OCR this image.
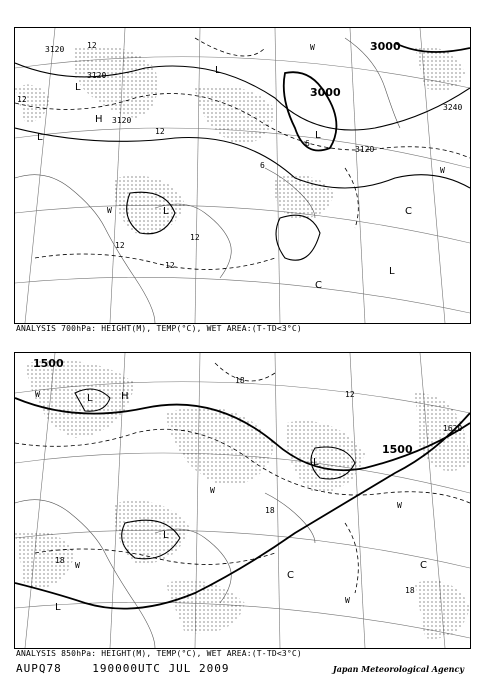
3120
3120
3000
3000
3240
3120
3120
12
12
12
6
6
12
12
12
L
H
L
L	L
L	C
C
L
W
W
W
ANALYSIS 700hPa: HEIGHT(M), TEMP(°C), WET AREA:(T-TD<3°C)
1500
1500
1620
18
12
18
18
18
H
L
L
L
L
C
C
W
W
W
W
W
ANALYSIS 850hPa: HEIGHT(M), TEMP(°C), WET AREA:(T-TD<3°C)
AUPQ78	190000UTC JUL 2009	Japan Meteorological Agency
